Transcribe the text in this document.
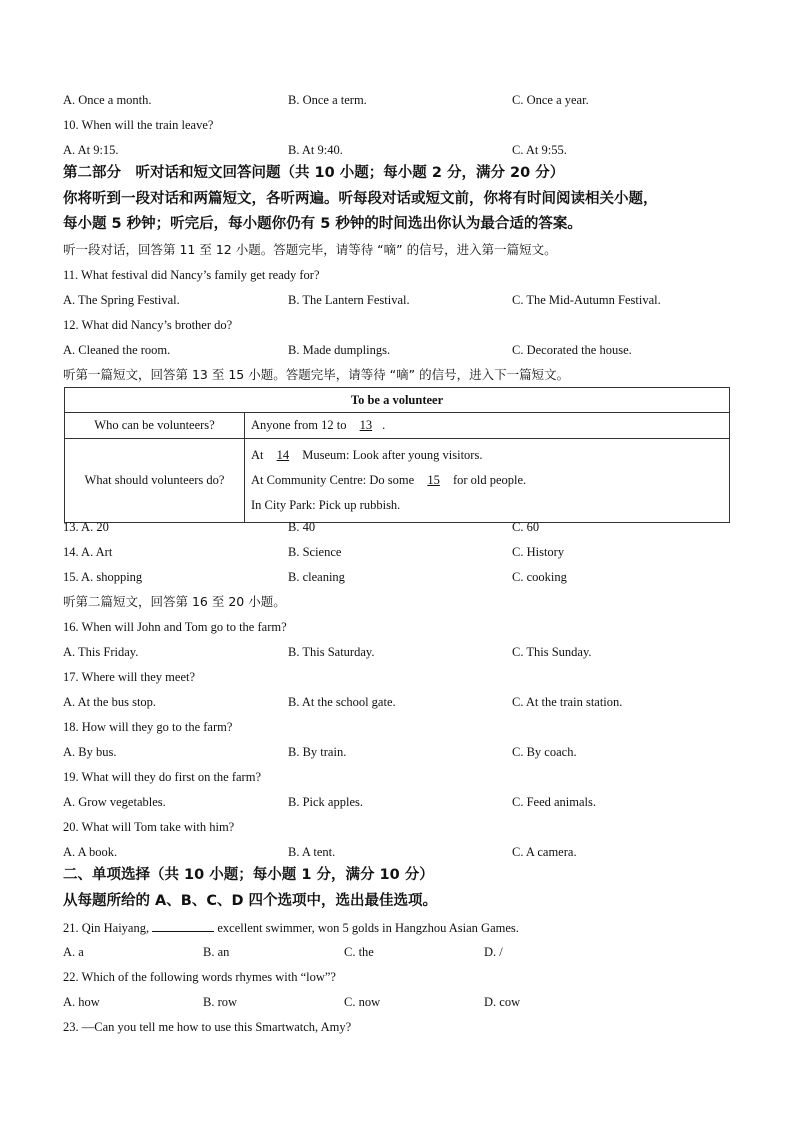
A. Once a month.	B. Once a term.	C. Once a year.
10. When will the train leave?
A. At 9:15.	B. At 9:40.	C. At 9:55.
第二部分　听对话和短文回答问题（共 10 小题；每小题 2 分，满分 20 分）
你将听到一段对话和两篇短文，各听两遍。听每段对话或短文前，你将有时间阅读相关小题，
每小题 5 秒钟；听完后，每小题你仍有 5 秒钟的时间选出你认为最合适的答案。
听一段对话，回答第 11 至 12 小题。答题完毕，请等待 “嘀” 的信号，进入第一篇短文。
11. What festival did Nancy’s family get ready for?
A. The Spring Festival.	B. The Lantern Festival.	C. The Mid-Autumn Festival.
12. What did Nancy’s brother do?
A. Cleaned the room.	B. Made dumplings.	C. Decorated the house.
听第一篇短文，回答第 13 至 15 小题。答题完毕，请等待 “嘀” 的信号，进入下一篇短文。
To be a volunteer	
Who can be volunteers?	Anyone from 12 to 13 .
What should volunteers do?	At 14 Museum: Look after young visitors.
At Community Centre: Do some 15 for old people.
In City Park: Pick up rubbish.
13. A. 20	B. 40	C. 60
14. A. Art	B. Science	C. History
15. A. shopping	B. cleaning	C. cooking
听第二篇短文，回答第 16 至 20 小题。
16. When will John and Tom go to the farm?
A. This Friday.	B. This Saturday.	C. This Sunday.
17. Where will they meet?
A. At the bus stop.	B. At the school gate.	C. At the train station.
18. How will they go to the farm?
A. By bus.	B. By train.	C. By coach.
19. What will they do first on the farm?
A. Grow vegetables.	B. Pick apples.	C. Feed animals.
20. What will Tom take with him?
A. A book.	B. A tent.	C. A camera.
二、单项选择（共 10 小题；每小题 1 分，满分 10 分）
从每题所给的 A、B、C、D 四个选项中，选出最佳选项。
21. Qin Haiyang,	excellent swimmer, won 5 golds in Hangzhou Asian Games.
A. a	B. an	C. the	D. /
22. Which of the following words rhymes with “low”?
A. how	B. row	C. now	D. cow
23. —Can you tell me how to use this Smartwatch, Amy?
